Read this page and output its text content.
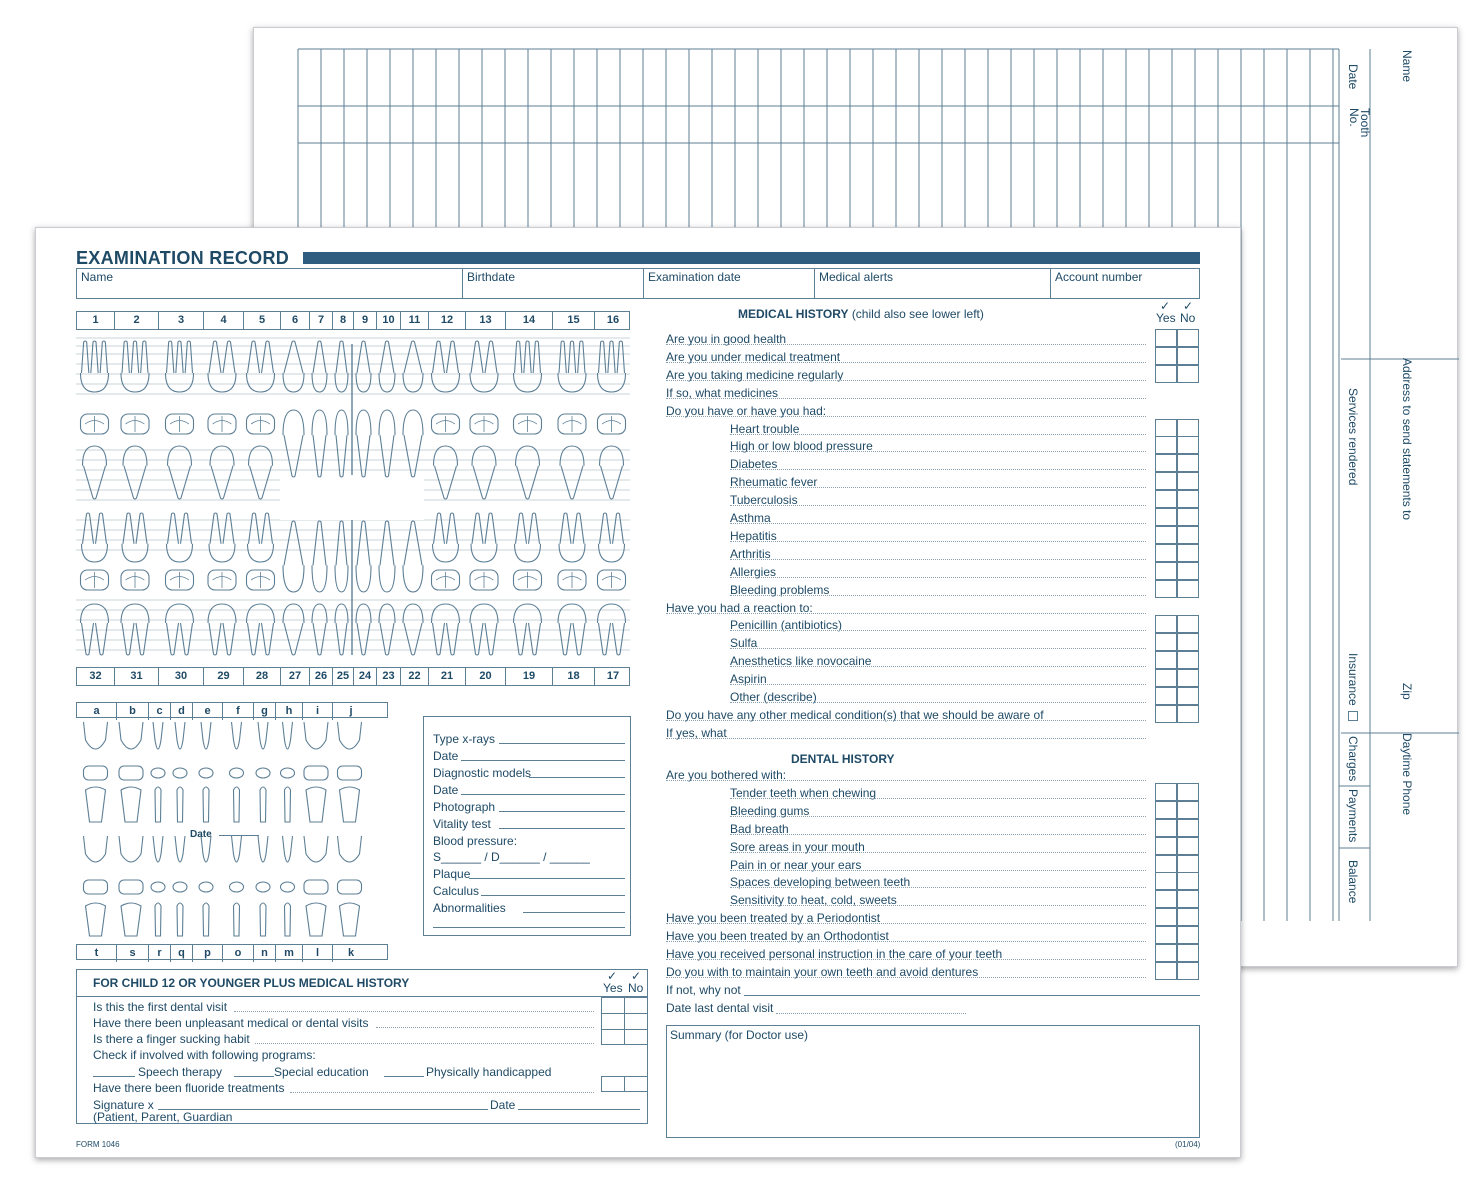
Name
Address to send statements to
Zip
Daytime Phone
Date
Tooth No.
Services rendered
Insurance
Charges
Payments
Balance
EXAMINATION RECORD
Name	Birthdate	Examination date	Medical alerts	Account number
1	2	3	4	5	6	7	8	9	10	11	12	13	14	15	16
32	31	30	29	28	27	26 25 24	23	22	21	20	19	18	17
a	b	c	d	e	f	g	h	i	j
Date
t	s	r	q	p	o	n	m	l	k
Type x-rays
Date
Diagnostic models
Date
Photograph
Vitality test
Blood pressure:
S______ / D______ / ______
Plaque
Calculus
Abnormalities
FOR CHILD 12 OR YOUNGER PLUS MEDICAL HISTORY	Yes No
✓ ✓
Is this the first dental visit
Have there been unpleasant medical or dental visits
Is there a finger sucking habit
Check if involved with following programs:
Speech therapy	Special education	Physically handicapped
Have there been fluoride treatments
Signature x
(Patient, Parent, Guardian
Date
FORM 1046	(01/04)
MEDICAL HISTORY (child also see lower left)	Yes No
✓ ✓
Are you in good health
Are you under medical treatment
Are you taking medicine regularly
If so, what medicines
Do you have or have you had:
Heart trouble
High or low blood pressure
Diabetes
Rheumatic fever
Tuberculosis
Asthma
Hepatitis
Arthritis
Allergies
Bleeding problems
Have you had a reaction to:
Penicillin (antibiotics)
Sulfa
Anesthetics like novocaine
Aspirin
Other (describe)
Do you have any other medical condition(s) that we should be aware of
If yes, what
Are you bothered with:
Tender teeth when chewing
Bleeding gums
Bad breath
Sore areas in your mouth
Pain in or near your ears
Spaces developing between teeth
Sensitivity to heat, cold, sweets
Have you been treated by a Periodontist
Have you been treated by an Orthodontist
Have you received personal instruction in the care of your teeth
Do you with to maintain your own teeth and avoid dentures
If not, why not
Date last dental visit
DENTAL HISTORY
Summary (for Doctor use)
